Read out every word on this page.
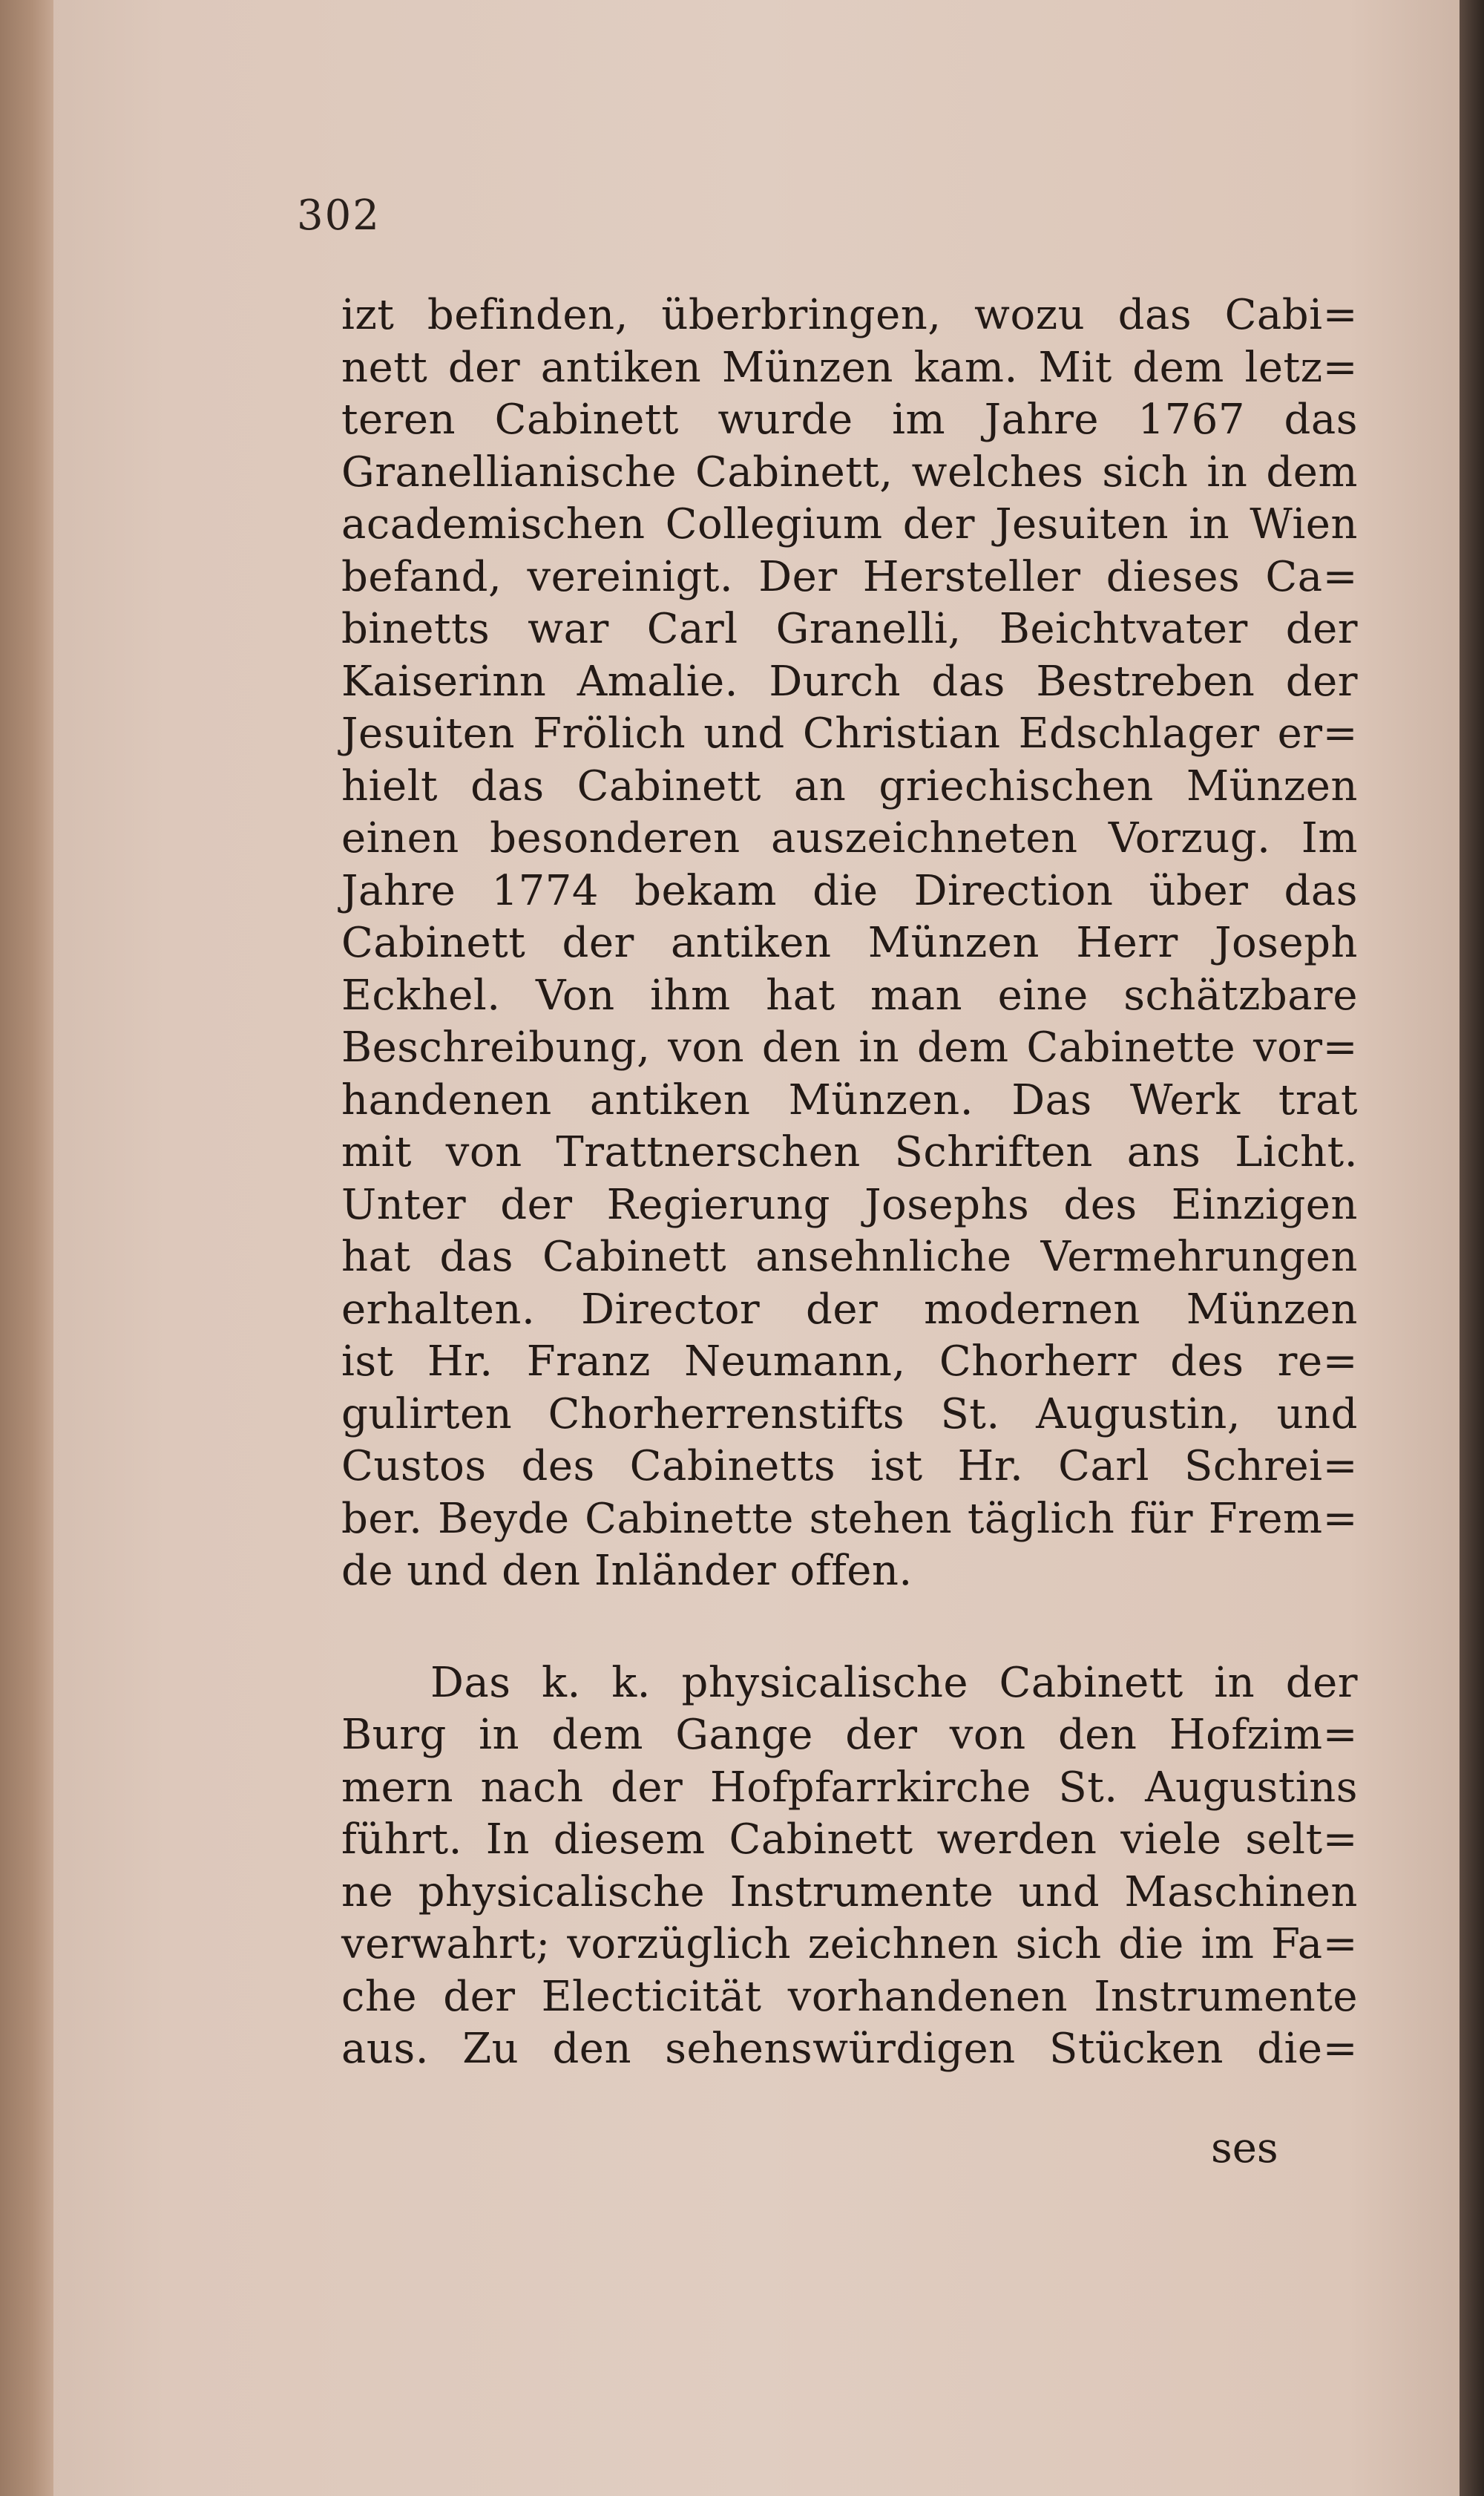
302
izt befinden, überbringen, wozu das Cabi=
nett der antiken Münzen kam. Mit dem letz=
teren Cabinett wurde im Jahre 1767 das
Granellianische Cabinett, welches sich in dem
academischen Collegium der Jesuiten in Wien
befand, vereinigt. Der Hersteller dieses Ca=
binetts war Carl Granelli, Beichtvater der
Kaiserinn Amalie. Durch das Bestreben der
Jesuiten Frölich und Christian Edschlager er=
hielt das Cabinett an griechischen Münzen
einen besonderen auszeichneten Vorzug. Im
Jahre 1774 bekam die Direction über das
Cabinett der antiken Münzen Herr Joseph
Eckhel. Von ihm hat man eine schätzbare
Beschreibung, von den in dem Cabinette vor=
handenen antiken Münzen. Das Werk trat
mit von Trattnerschen Schriften ans Licht.
Unter der Regierung Josephs des Einzigen
hat das Cabinett ansehnliche Vermehrungen
erhalten. Director der modernen Münzen
ist Hr. Franz Neumann, Chorherr des re=
gulirten Chorherrenstifts St. Augustin, und
Custos des Cabinetts ist Hr. Carl Schrei=
ber. Beyde Cabinette stehen täglich für Frem=
de und den Inländer offen.
Das k. k. physicalische Cabinett in der
Burg in dem Gange der von den Hofzim=
mern nach der Hofpfarrkirche St. Augustins
führt. In diesem Cabinett werden viele selt=
ne physicalische Instrumente und Maschinen
verwahrt; vorzüglich zeichnen sich die im Fa=
che der Electicität vorhandenen Instrumente
aus. Zu den sehenswürdigen Stücken die=
ses
